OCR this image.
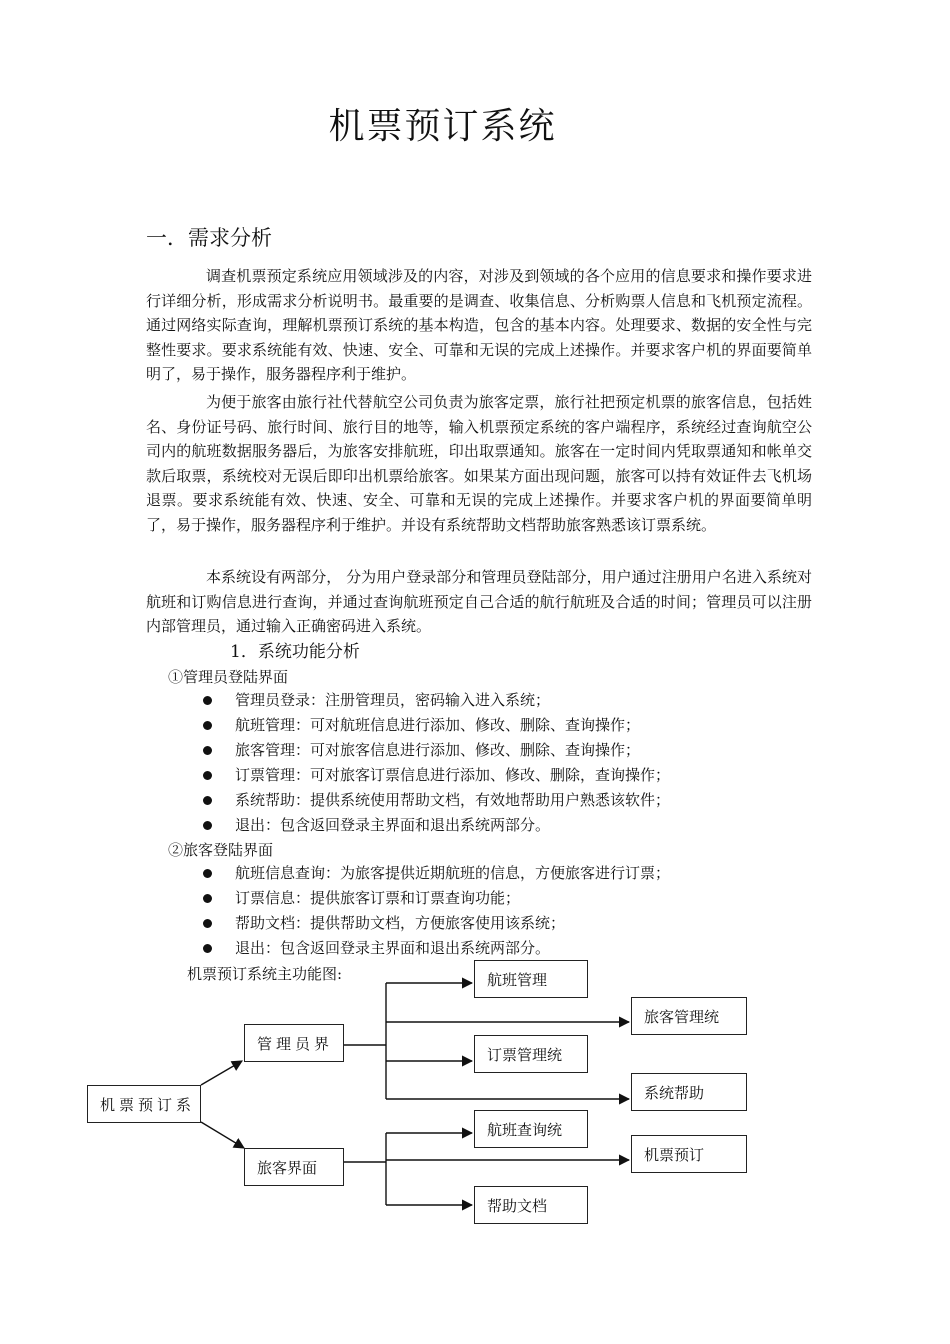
机票预订系统
一．需求分析

调查机票预定系统应用领域涉及的内容，对涉及到领域的各个应用的信息要求和操作要求进行详细分析，形成需求分析说明书。最重要的是调查、收集信息、分析购票人信息和飞机预定流程。通过网络实际查询，理解机票预订系统的基本构造，包含的基本内容。处理要求、数据的安全性与完整性要求。要求系统能有效、快速、安全、可靠和无误的完成上述操作。并要求客户机的界面要简单明了，易于操作，服务器程序利于维护。

为便于旅客由旅行社代替航空公司负责为旅客定票，旅行社把预定机票的旅客信息，包括姓名、身份证号码、旅行时间、旅行目的地等，输入机票预定系统的客户端程序，系统经过查询航空公司内的航班数据服务器后，为旅客安排航班，印出取票通知。旅客在一定时间内凭取票通知和帐单交款后取票，系统校对无误后即印出机票给旅客。如果某方面出现问题，旅客可以持有效证件去飞机场退票。要求系统能有效、快速、安全、可靠和无误的完成上述操作。并要求客户机的界面要简单明了，易于操作，服务器程序利于维护。并设有系统帮助文档帮助旅客熟悉该订票系统。

本系统设有两部分， 分为用户登录部分和管理员登陆部分，用户通过注册用户名进入系统对航班和订购信息进行查询，并通过查询航班预定自己合适的航行航班及合适的时间；管理员可以注册内部管理员，通过输入正确密码进入系统。

1．系统功能分析
①管理员登陆界面
管理员登录：注册管理员，密码输入进入系统；
航班管理：可对航班信息进行添加、修改、删除、查询操作；
旅客管理：可对旅客信息进行添加、修改、删除、查询操作；
订票管理：可对旅客订票信息进行添加、修改、删除，查询操作；
系统帮助：提供系统使用帮助文档，有效地帮助用户熟悉该软件；
退出：包含返回登录主界面和退出系统两部分。
②旅客登陆界面
航班信息查询：为旅客提供近期航班的信息，方便旅客进行订票；
订票信息：提供旅客订票和订票查询功能；
帮助文档：提供帮助文档，方便旅客使用该系统；
退出：包含返回登录主界面和退出系统两部分。
机票预订系统主功能图:
机票预订系
管理员界
旅客界面
航班管理
旅客管理统
订票管理统
系统帮助
航班查询统
机票预订
帮助文档
